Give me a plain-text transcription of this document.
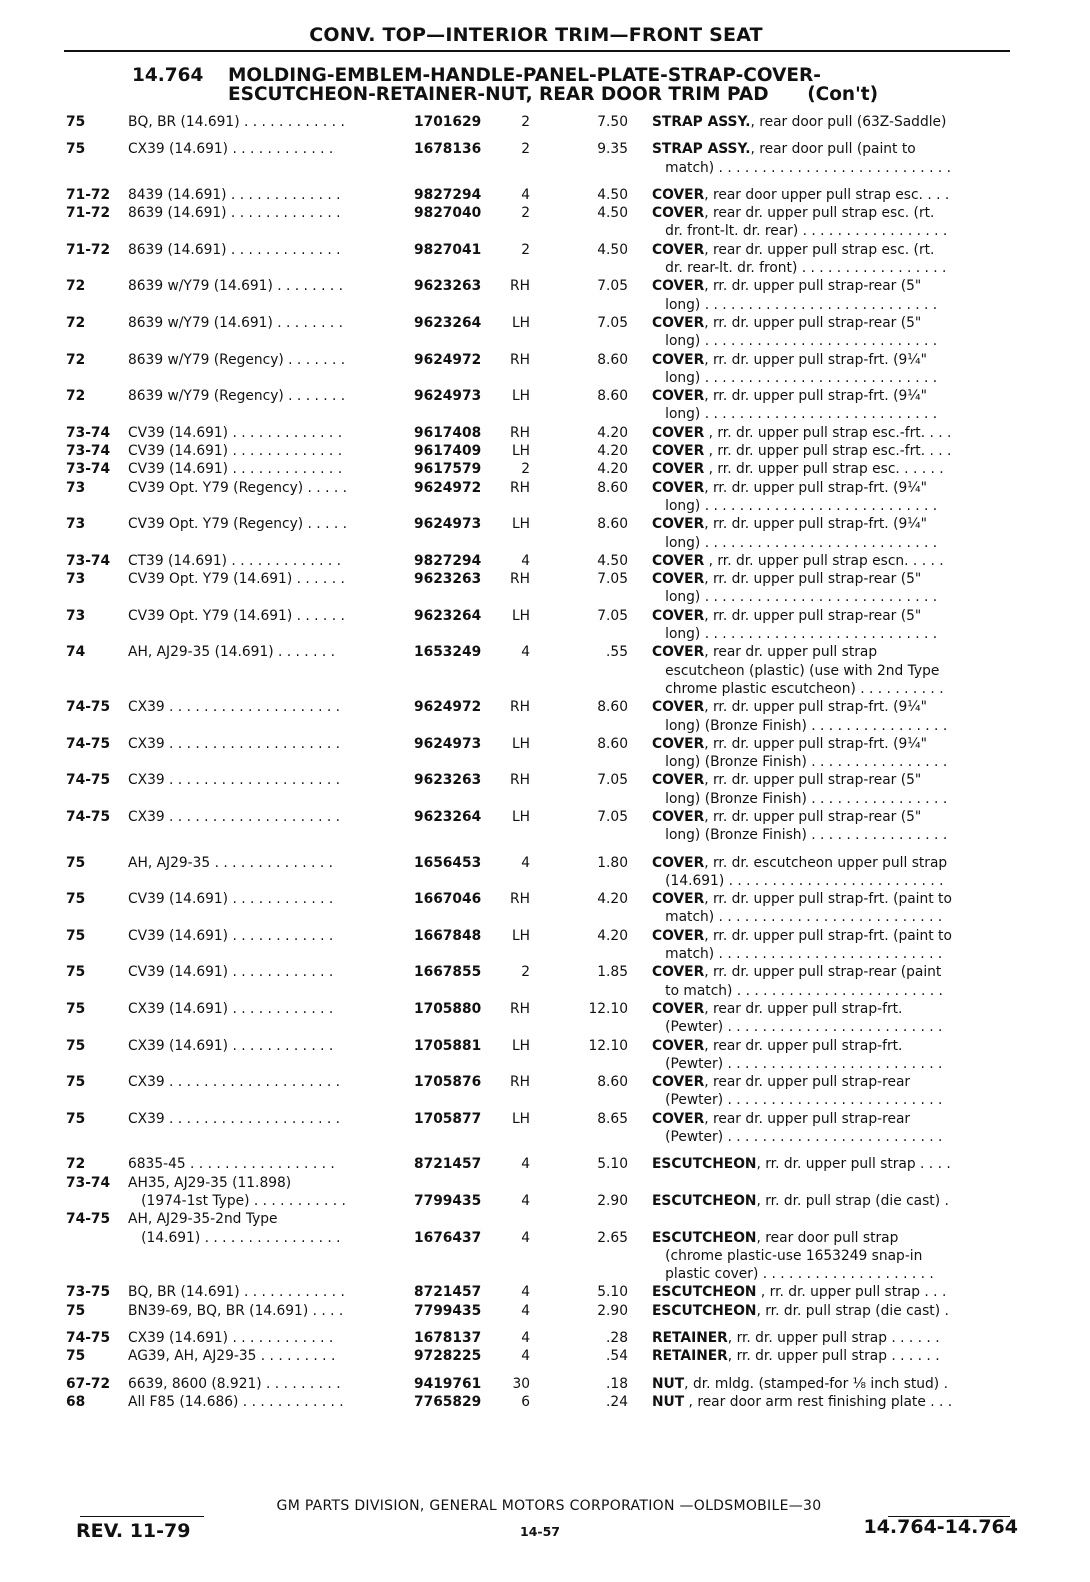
CONV. TOP—INTERIOR TRIM—FRONT SEAT
14.764 MOLDING-EMBLEM-HANDLE-PANEL-PLATE-STRAP-COVER-
ESCUTCHEON-RETAINER-NUT, REAR DOOR TRIM PAD      (Con't)
75	BQ, BR (14.691) . . . . . . . . . . . .	1701629	2	7.50 STRAP ASSY., rear door pull (63Z-Saddle)
75	CX39 (14.691) . . . . . . . . . . . .	1678136	2	9.35 STRAP ASSY., rear door pull (paint to
match) . . . . . . . . . . . . . . . . . . . . . . . . . . .
71-72 8439 (14.691) . . . . . . . . . . . . .	9827294	4	4.50 COVER, rear door upper pull strap esc. . . .
71-72 8639 (14.691) . . . . . . . . . . . . .	9827040	2	4.50 COVER, rear dr. upper pull strap esc. (rt.
dr. front-lt. dr. rear) . . . . . . . . . . . . . . . . .
71-72 8639 (14.691) . . . . . . . . . . . . .	9827041	2	4.50 COVER, rear dr. upper pull strap esc. (rt.
dr. rear-lt. dr. front) . . . . . . . . . . . . . . . . .
72	8639 w/Y79 (14.691) . . . . . . . .	9623263	RH	7.05 COVER, rr. dr. upper pull strap-rear (5"
long) . . . . . . . . . . . . . . . . . . . . . . . . . . .
72	8639 w/Y79 (14.691) . . . . . . . .	9623264	LH	7.05 COVER, rr. dr. upper pull strap-rear (5"
long) . . . . . . . . . . . . . . . . . . . . . . . . . . .
72	8639 w/Y79 (Regency) . . . . . . .	9624972	RH	8.60 COVER, rr. dr. upper pull strap-frt. (9¼"
long) . . . . . . . . . . . . . . . . . . . . . . . . . . .
72	8639 w/Y79 (Regency) . . . . . . .	9624973	LH	8.60 COVER, rr. dr. upper pull strap-frt. (9¼"
long) . . . . . . . . . . . . . . . . . . . . . . . . . . .
73-74 CV39 (14.691) . . . . . . . . . . . . .	9617408	RH	4.20 COVER , rr. dr. upper pull strap esc.-frt. . . .
73-74 CV39 (14.691) . . . . . . . . . . . . .	9617409	LH	4.20 COVER , rr. dr. upper pull strap esc.-frt. . . .
73-74 CV39 (14.691) . . . . . . . . . . . . .	9617579	2	4.20 COVER , rr. dr. upper pull strap esc. . . . . .
73	CV39 Opt. Y79 (Regency) . . . . .	9624972	RH	8.60 COVER, rr. dr. upper pull strap-frt. (9¼"
long) . . . . . . . . . . . . . . . . . . . . . . . . . . .
73	CV39 Opt. Y79 (Regency) . . . . .	9624973	LH	8.60 COVER, rr. dr. upper pull strap-frt. (9¼"
long) . . . . . . . . . . . . . . . . . . . . . . . . . . .
73-74 CT39 (14.691) . . . . . . . . . . . . .	9827294	4	4.50 COVER , rr. dr. upper pull strap escn. . . . .
73	CV39 Opt. Y79 (14.691) . . . . . .	9623263	RH	7.05 COVER, rr. dr. upper pull strap-rear (5"
long) . . . . . . . . . . . . . . . . . . . . . . . . . . .
73	CV39 Opt. Y79 (14.691) . . . . . .	9623264	LH	7.05 COVER, rr. dr. upper pull strap-rear (5"
long) . . . . . . . . . . . . . . . . . . . . . . . . . . .
74	AH, AJ29-35 (14.691) . . . . . . .	1653249	4	.55 COVER, rear dr. upper pull strap
escutcheon (plastic) (use with 2nd Type
chrome plastic escutcheon) . . . . . . . . . .
74-75 CX39 . . . . . . . . . . . . . . . . . . . .	9624972	RH	8.60 COVER, rr. dr. upper pull strap-frt. (9¼"
long) (Bronze Finish) . . . . . . . . . . . . . . . .
74-75 CX39 . . . . . . . . . . . . . . . . . . . .	9624973	LH	8.60 COVER, rr. dr. upper pull strap-frt. (9¼"
long) (Bronze Finish) . . . . . . . . . . . . . . . .
74-75 CX39 . . . . . . . . . . . . . . . . . . . .	9623263	RH	7.05 COVER, rr. dr. upper pull strap-rear (5"
long) (Bronze Finish) . . . . . . . . . . . . . . . .
74-75 CX39 . . . . . . . . . . . . . . . . . . . .	9623264	LH	7.05 COVER, rr. dr. upper pull strap-rear (5"
long) (Bronze Finish) . . . . . . . . . . . . . . . .
75	AH, AJ29-35 . . . . . . . . . . . . . .	1656453	4	1.80 COVER, rr. dr. escutcheon upper pull strap
(14.691) . . . . . . . . . . . . . . . . . . . . . . . . .
75	CV39 (14.691) . . . . . . . . . . . .	1667046	RH	4.20 COVER, rr. dr. upper pull strap-frt. (paint to
match) . . . . . . . . . . . . . . . . . . . . . . . . . .
75	CV39 (14.691) . . . . . . . . . . . .	1667848	LH	4.20 COVER, rr. dr. upper pull strap-frt. (paint to
match) . . . . . . . . . . . . . . . . . . . . . . . . . .
75	CV39 (14.691) . . . . . . . . . . . .	1667855	2	1.85 COVER, rr. dr. upper pull strap-rear (paint
to match) . . . . . . . . . . . . . . . . . . . . . . . .
75	CX39 (14.691) . . . . . . . . . . . .	1705880	RH	12.10 COVER, rear dr. upper pull strap-frt.
(Pewter) . . . . . . . . . . . . . . . . . . . . . . . . .
75	CX39 (14.691) . . . . . . . . . . . .	1705881	LH	12.10 COVER, rear dr. upper pull strap-frt.
(Pewter) . . . . . . . . . . . . . . . . . . . . . . . . .
75	CX39 . . . . . . . . . . . . . . . . . . . .	1705876	RH	8.60 COVER, rear dr. upper pull strap-rear
(Pewter) . . . . . . . . . . . . . . . . . . . . . . . . .
75	CX39 . . . . . . . . . . . . . . . . . . . .	1705877	LH	8.65 COVER, rear dr. upper pull strap-rear
(Pewter) . . . . . . . . . . . . . . . . . . . . . . . . .
72	6835-45 . . . . . . . . . . . . . . . . .	8721457	4	5.10 ESCUTCHEON, rr. dr. upper pull strap . . . .
73-74 AH35, AJ29-35 (11.898)
(1974-1st Type) . . . . . . . . . . .	7799435	4	2.90 ESCUTCHEON, rr. dr. pull strap (die cast) .
74-75 AH, AJ29-35-2nd Type
(14.691) . . . . . . . . . . . . . . . .	1676437	4	2.65 ESCUTCHEON, rear door pull strap
(chrome plastic-use 1653249 snap-in
plastic cover) . . . . . . . . . . . . . . . . . . . .
73-75 BQ, BR (14.691) . . . . . . . . . . . .	8721457	4	5.10 ESCUTCHEON , rr. dr. upper pull strap . . .
75	BN39-69, BQ, BR (14.691) . . . .	7799435	4	2.90 ESCUTCHEON, rr. dr. pull strap (die cast) .
74-75 CX39 (14.691) . . . . . . . . . . . .	1678137	4	.28 RETAINER, rr. dr. upper pull strap . . . . . .
75	AG39, AH, AJ29-35 . . . . . . . . .	9728225	4	.54 RETAINER, rr. dr. upper pull strap . . . . . .
67-72 6639, 8600 (8.921) . . . . . . . . .	9419761	30	.18 NUT, dr. mldg. (stamped-for ⅛ inch stud) .
68	All F85 (14.686) . . . . . . . . . . . .	7765829	6	.24 NUT , rear door arm rest finishing plate . . .
GM PARTS DIVISION, GENERAL MOTORS CORPORATION —OLDSMOBILE—30
REV. 11-79	14-57	14.764-14.764
